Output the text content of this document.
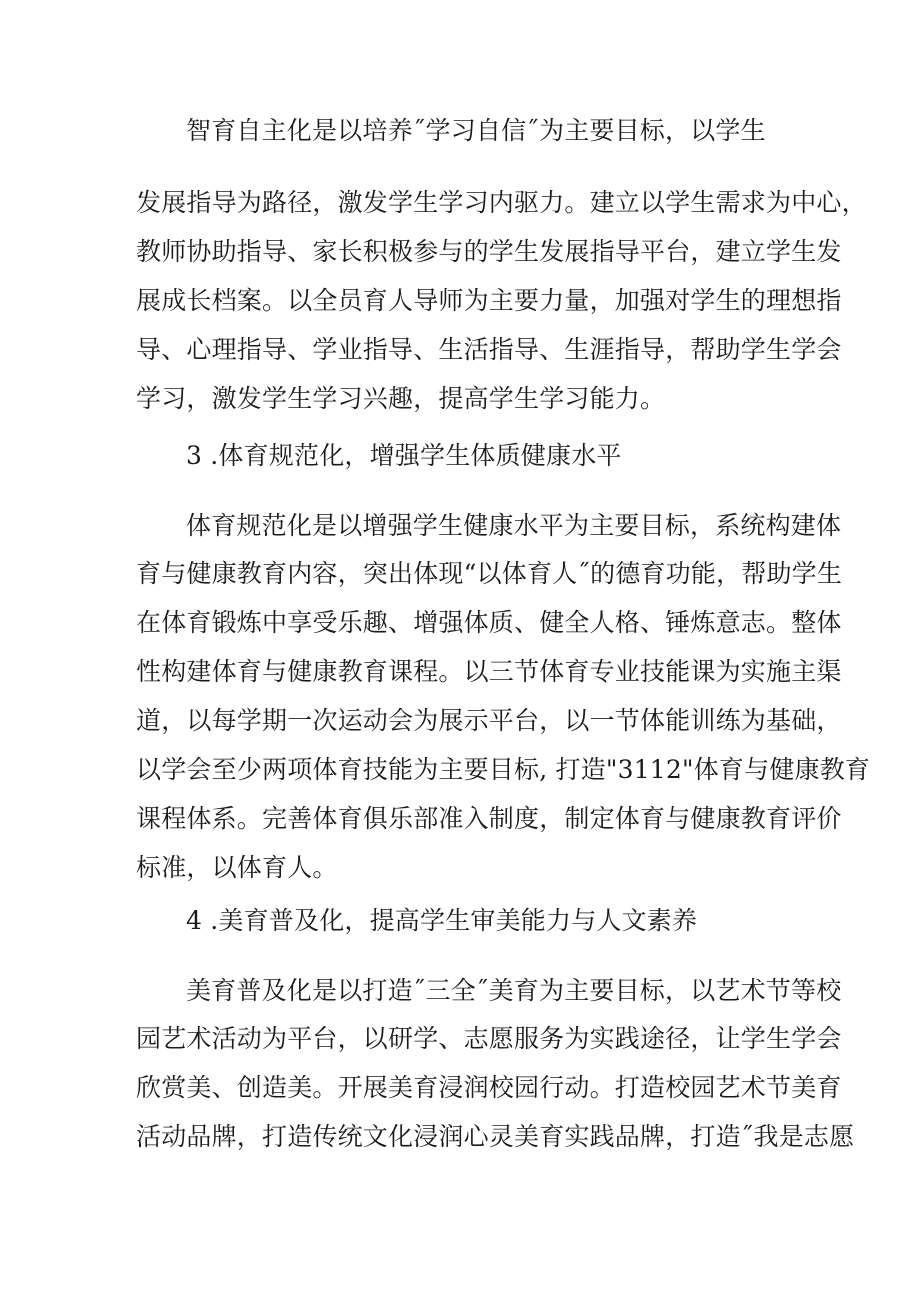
智育自主化是以培养˝学习自信˝为主要目标，以学生
发展指导为路径，激发学生学习内驱力。建立以学生需求为中心，
教师协助指导、家长积极参与的学生发展指导平台，建立学生发
展成长档案。以全员育人导师为主要力量，加强对学生的理想指
导、心理指导、学业指导、生活指导、生涯指导，帮助学生学会
学习，激发学生学习兴趣，提高学生学习能力。
3 .体育规范化，增强学生体质健康水平
体育规范化是以增强学生健康水平为主要目标，系统构建体
育与健康教育内容，突出体现“以体育人˝的德育功能，帮助学生
在体育锻炼中享受乐趣、增强体质、健全人格、锤炼意志。整体
性构建体育与健康教育课程。以三节体育专业技能课为实施主渠
道，以每学期一次运动会为展示平台，以一节体能训练为基础，
以学会至少两项体育技能为主要目标, 打造"3112"体育与健康教育
课程体系。完善体育俱乐部准入制度，制定体育与健康教育评价
标准，以体育人。
4 .美育普及化，提高学生审美能力与人文素养
美育普及化是以打造˝三全˝美育为主要目标，以艺术节等校
园艺术活动为平台，以研学、志愿服务为实践途径，让学生学会
欣赏美、创造美。开展美育浸润校园行动。打造校园艺术节美育
活动品牌，打造传统文化浸润心灵美育实践品牌，打造˝我是志愿
